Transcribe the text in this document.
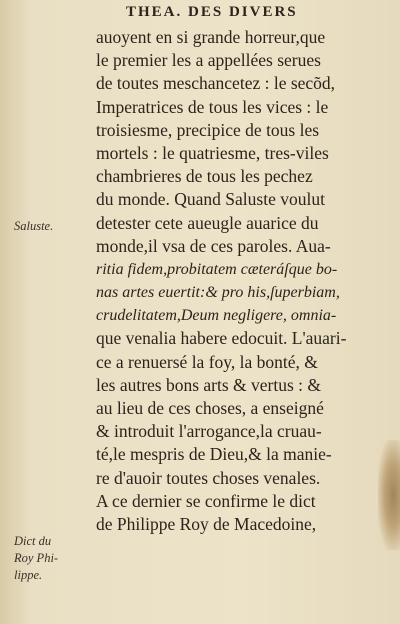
THEA. DES DIVERS
Saluste.
Dict du
Roy Phi-
lippe.
auoyent en si grande horreur,que
le premier les a appellées serues
de toutes meschancetez : le secõd,
Imperatrices de tous les vices : le
troisiesme, precipice de tous les
mortels : le quatriesme, tres-viles
chambrieres de tous les pechez
du monde. Quand Saluste voulut
detester cete aueugle auarice du
monde,il vsa de ces paroles. Aua-
ritia fidem,probitatem cæteráſque bo-
nas artes euertit:& pro his,ſuperbiam,
crudelitatem,Deum negligere, omnia-
que venalia habere edocuit. L'auari-
ce a renuersé la foy, la bonté, &
les autres bons arts & vertus : &
au lieu de ces choses, a enseigné
& introduit l'arrogance,la cruau-
té,le mespris de Dieu,& la manie-
re d'auoir toutes choses venales.
A ce dernier se confirme le dict
de Philippe Roy de Macedoine,
